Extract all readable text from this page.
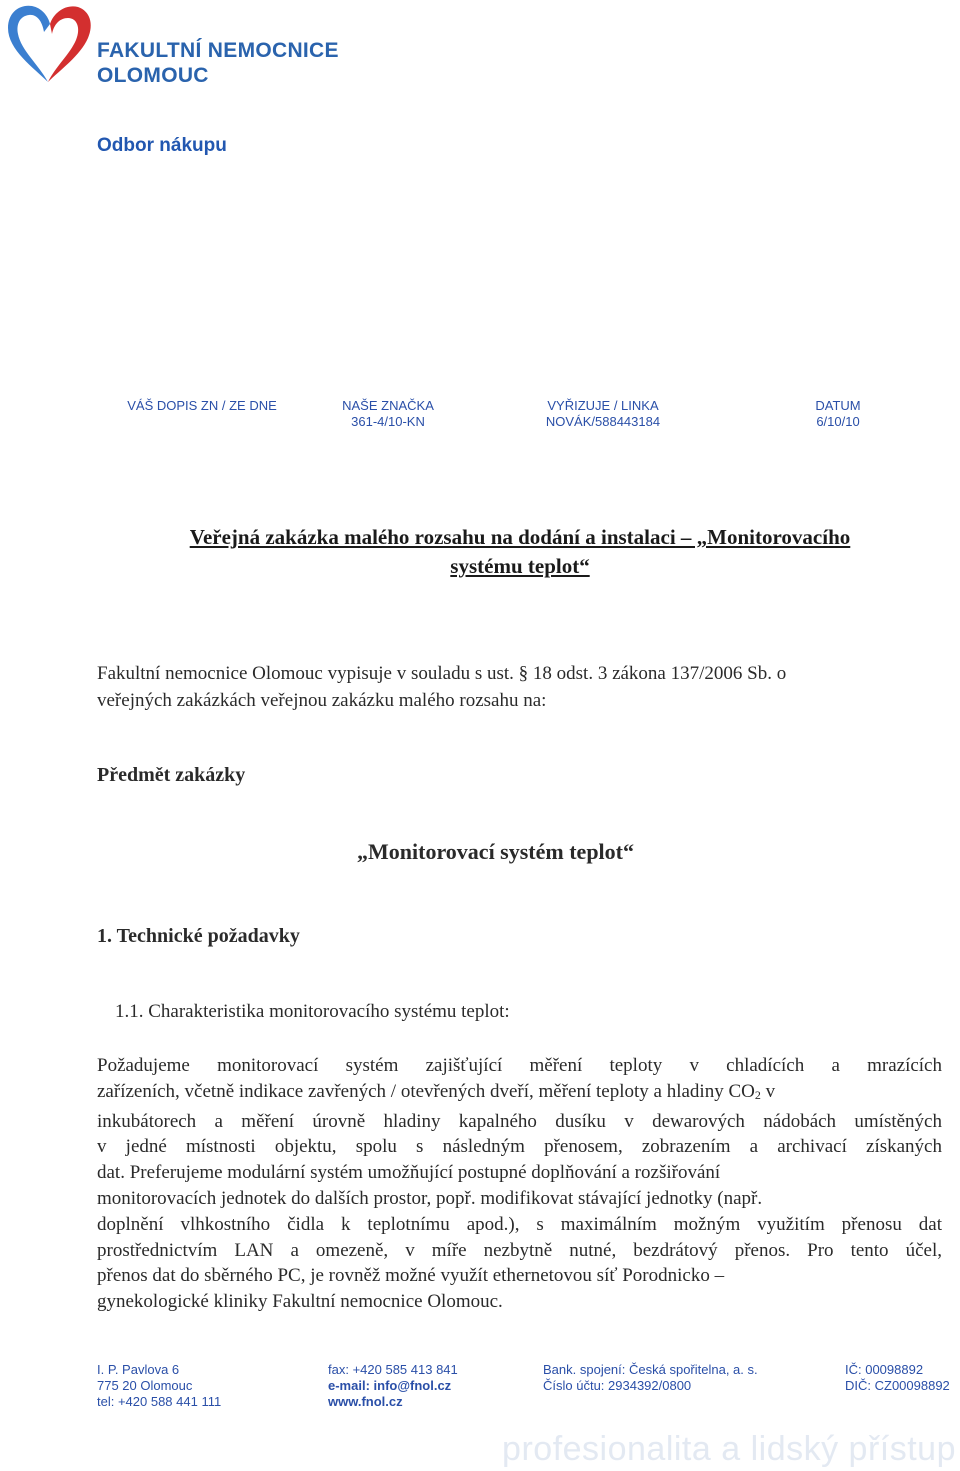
FAKULTNÍ NEMOCNICE
OLOMOUC
Odbor nákupu
VÁŠ DOPIS ZN / ZE DNE	NAŠE ZNAČKA
361-4/10-KN
VYŘIZUJE / LINKA
NOVÁK/588443184
DATUM
6/10/10
Veřejná zakázka malého rozsahu na dodání a instalaci – „Monitorovacího
systému teplot“
Fakultní nemocnice Olomouc vypisuje v souladu s ust. § 18 odst. 3 zákona 137/2006 Sb. o
veřejných zakázkách veřejnou zakázku malého rozsahu na:
Předmět zakázky
„Monitorovací systém teplot“
1. Technické požadavky
1.1. Charakteristika monitorovacího systému teplot:
Požadujeme monitorovací systém zajišťující měření teploty v chladících a mrazících
zařízeních, včetně indikace zavřených / otevřených dveří, měření teploty a hladiny $CO_2$ v
inkubátorech a měření úrovně hladiny kapalného dusíku v dewarových nádobách umístěných
v jedné místnosti objektu, spolu s následným přenosem, zobrazením a archivací získaných
dat. Preferujeme modulární systém umožňující postupné doplňování a rozšiřování
monitorovacích jednotek do dalších prostor, popř. modifikovat stávající jednotky (např.
doplnění vlhkostního čidla k teplotnímu apod.), s maximálním možným využitím přenosu dat
prostřednictvím LAN a omezeně, v míře nezbytně nutné, bezdrátový přenos. Pro tento účel,
přenos dat do sběrného PC, je rovněž možné využít ethernetovou síť Porodnicko –
gynekologické kliniky Fakultní nemocnice Olomouc.
I. P. Pavlova 6
775 20 Olomouc
tel: +420 588 441 111
fax: +420 585 413 841
e-mail: info@fnol.cz
www.fnol.cz
Bank. spojení: Česká spořitelna, a. s.
Číslo účtu: 2934392/0800
IČ: 00098892
DIČ: CZ00098892
profesionalita a lidský přístup
